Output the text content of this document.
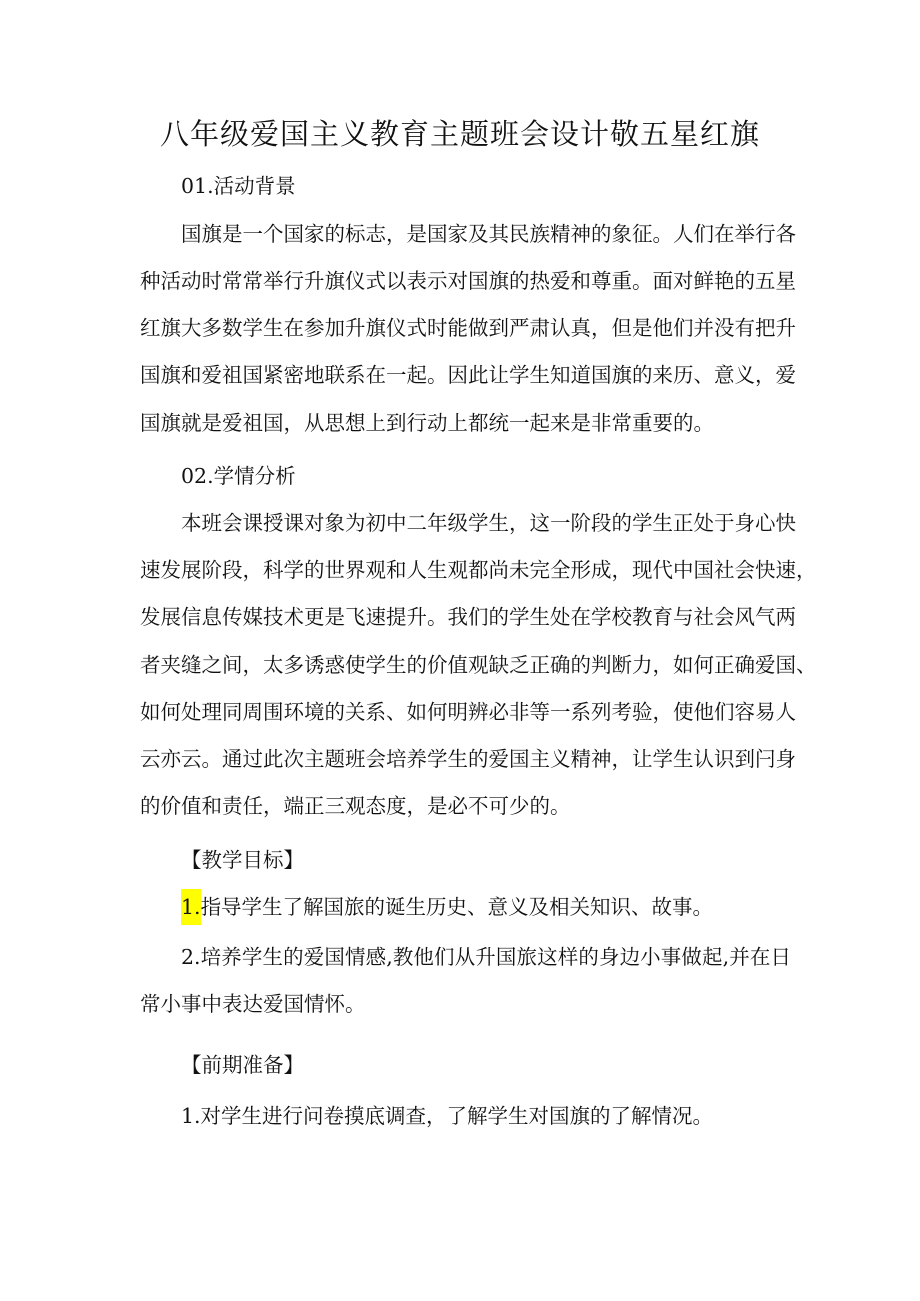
八年级爱国主义教育主题班会设计敬五星红旗

01.活动背景

国旗是一个国家的标志，是国家及其民族精神的象征。人们在举行各

种活动时常常举行升旗仪式以表示对国旗的热爱和尊重。面对鲜艳的五星

红旗大多数学生在参加升旗仪式时能做到严肃认真，但是他们并没有把升

国旗和爱祖国紧密地联系在一起。因此让学生知道国旗的来历、意义，爱

国旗就是爱祖国，从思想上到行动上都统一起来是非常重要的。

02.学情分析

本班会课授课对象为初中二年级学生，这一阶段的学生正处于身心快

速发展阶段，科学的世界观和人生观都尚未完全形成，现代中国社会快速，

发展信息传媒技术更是飞速提升。我们的学生处在学校教育与社会风气两

者夹缝之间，太多诱惑使学生的价值观缺乏正确的判断力，如何正确爱国、

如何处理同周围环境的关系、如何明辨必非等一系列考验，使他们容易人

云亦云。通过此次主题班会培养学生的爱国主义精神，让学生认识到闩身

的价值和责任，端正三观态度，是必不可少的。

【教学目标】

1.指导学生了解国旅的诞生历史、意义及相关知识、故事。

2.培养学生的爱国情感,教他们从升国旅这样的身边小事做起,并在日

常小事中表达爱国情怀。

【前期准备】

1.对学生进行问卷摸底调查，了解学生对国旗的了解情况。
